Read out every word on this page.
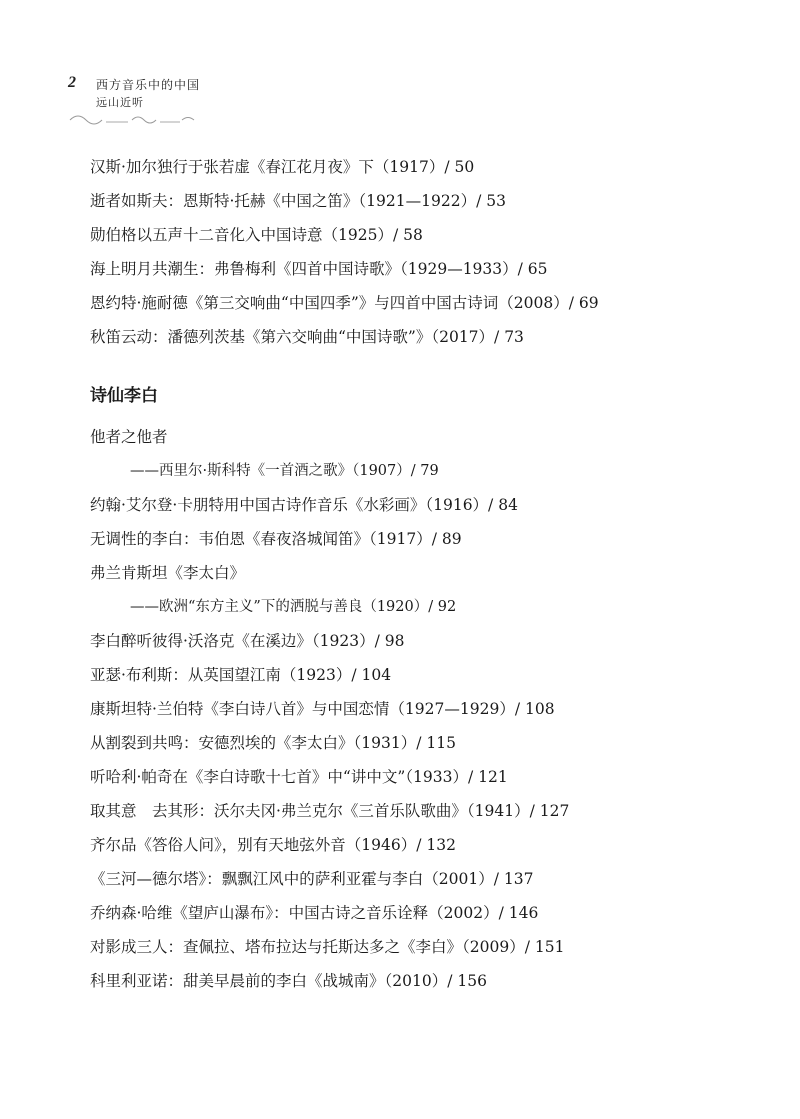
2 西方音乐中的中国
远山近听
汉斯·加尔独行于张若虚《春江花月夜》下（1917）/ 50
逝者如斯夫：恩斯特·托赫《中国之笛》（1921—1922）/ 53
勋伯格以五声十二音化入中国诗意（1925）/ 58
海上明月共潮生：弗鲁梅利《四首中国诗歌》（1929—1933）/ 65
恩约特·施耐德《第三交响曲“中国四季”》与四首中国古诗词（2008）/ 69
秋笛云动：潘德列茨基《第六交响曲“中国诗歌”》（2017）/ 73
诗仙李白
他者之他者
——西里尔·斯科特《一首酒之歌》（1907）/ 79
约翰·艾尔登·卡朋特用中国古诗作音乐《水彩画》（1916）/ 84
无调性的李白：韦伯恩《春夜洛城闻笛》（1917）/ 89
弗兰肯斯坦《李太白》
——欧洲“东方主义”下的洒脱与善良（1920）/ 92
李白醉听彼得·沃洛克《在溪边》（1923）/ 98
亚瑟·布利斯：从英国望江南（1923）/ 104
康斯坦特·兰伯特《李白诗八首》与中国恋情（1927—1929）/ 108
从割裂到共鸣：安德烈埃的《李太白》（1931）/ 115
听哈利·帕奇在《李白诗歌十七首》中“讲中文”（1933）/ 121
取其意　去其形：沃尔夫冈·弗兰克尔《三首乐队歌曲》（1941）/ 127
齐尔品《答俗人问》，别有天地弦外音（1946）/ 132
《三河—德尔塔》：飘飘江风中的萨利亚霍与李白（2001）/ 137
乔纳森·哈维《望庐山瀑布》：中国古诗之音乐诠释（2002）/ 146
对影成三人：查佩拉、塔布拉达与托斯达多之《李白》（2009）/ 151
科里利亚诺：甜美早晨前的李白《战城南》（2010）/ 156
